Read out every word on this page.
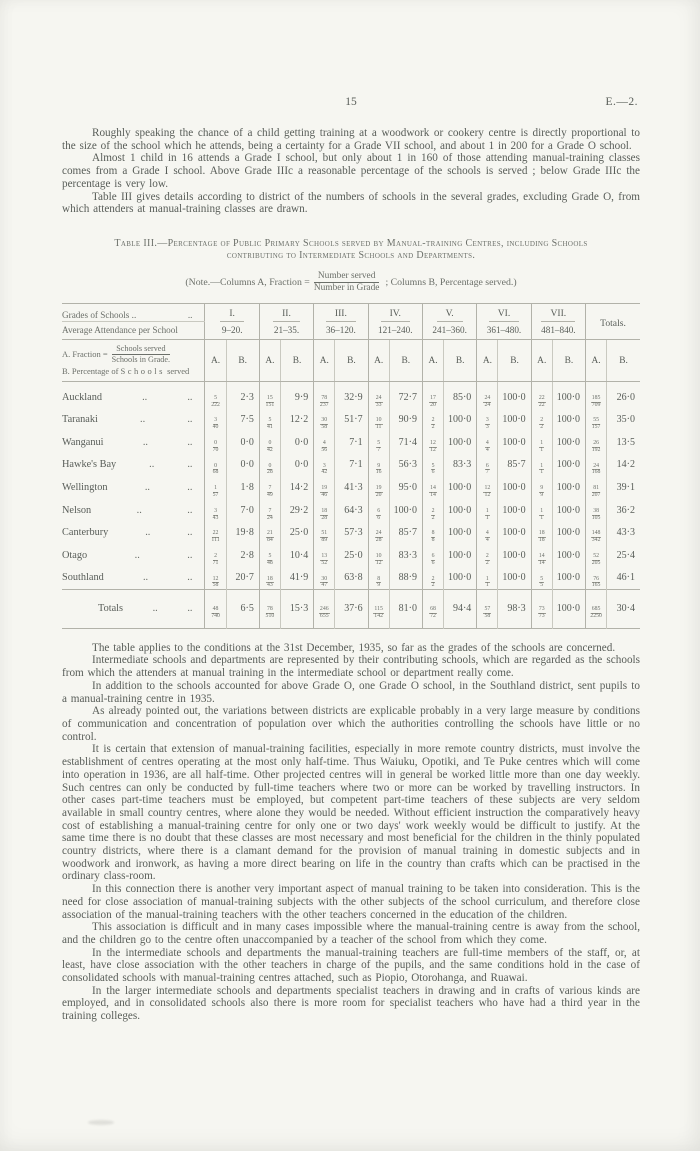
15	E.—2.

Roughly speaking the chance of a child getting training at a woodwork or cookery centre is directly proportional to the size of the school which he attends, being a certainty for a Grade VII school, and about 1 in 200 for a Grade O school.

Almost 1 child in 16 attends a Grade I school, but only about 1 in 160 of those attending manual-training classes comes from a Grade I school. Above Grade IIIc a reasonable percentage of the schools is served ; below Grade IIIc the percentage is very low.

Table III gives details according to district of the numbers of schools in the several grades, excluding Grade O, from which attenders at manual-training classes are drawn.

Table III.—Percentage of Public Primary Schools served by Manual-training Centres, including Schools
contributing to Intermediate Schools and Departments.
(Note.—Columns A, Fraction = $\frac{\text{Number served}}{\text{Number in Grade}}$ ; Columns B, Percentage served.)
Grades of Schools .. ..	I.		II.		III.		IV.		V.		VI.		VII.		Totals.	
Average Attendance per School	9–20.		21–35.		36–120.		121–240.		241–360.		361–480.		481–840.			

A. Fraction = Schools served
Schools in Grade.
B. Percentage of Schools served	A.	B.	A.	B.	A.	B.	A.	B.	A.	B.	A.	B.	A.	B.	A.	B.

Auckland .. ..	$\frac{5}{222}$	2·3	$\frac{15}{151}$	9·9	$\frac{78}{237}$	32·9	$\frac{24}{33}$	72·7	$\frac{17}{20}$	85·0	$\frac{24}{24}$	100·0	$\frac{22}{22}$	100·0	$\frac{185}{709}$	26·0

Taranaki .. ..	$\frac{3}{40}$	7·5	$\frac{5}{41}$	12·2	$\frac{30}{58}$	51·7	$\frac{10}{11}$	90·9	$\frac{2}{2}$	100·0	$\frac{3}{3}$	100·0	$\frac{2}{2}$	100·0	$\frac{55}{157}$	35·0

Wanganui .. ..	$\frac{0}{70}$	0·0	$\frac{0}{42}$	0·0	$\frac{4}{56}$	7·1	$\frac{5}{7}$	71·4	$\frac{12}{12}$	100·0	$\frac{4}{4}$	100·0	$\frac{1}{1}$	100·0	$\frac{26}{192}$	13·5

Hawke's Bay .. ..	$\frac{0}{68}$	0·0	$\frac{0}{28}$	0·0	$\frac{3}{42}$	7·1	$\frac{9}{16}$	56·3	$\frac{5}{6}$	83·3	$\frac{6}{7}$	85·7	$\frac{1}{1}$	100·0	$\frac{24}{168}$	14·2

Wellington .. ..	$\frac{1}{57}$	1·8	$\frac{7}{49}$	14·2	$\frac{19}{46}$	41·3	$\frac{19}{20}$	95·0	$\frac{14}{14}$	100·0	$\frac{12}{12}$	100·0	$\frac{9}{9}$	100·0	$\frac{81}{207}$	39·1

Nelson .. ..	$\frac{3}{43}$	7·0	$\frac{7}{24}$	29·2	$\frac{18}{28}$	64·3	$\frac{6}{6}$	100·0	$\frac{2}{2}$	100·0	$\frac{1}{1}$	100·0	$\frac{1}{1}$	100·0	$\frac{38}{105}$	36·2

Canterbury .. ..	$\frac{22}{111}$	19·8	$\frac{21}{84}$	25·0	$\frac{51}{89}$	57·3	$\frac{24}{28}$	85·7	$\frac{8}{8}$	100·0	$\frac{4}{4}$	100·0	$\frac{18}{18}$	100·0	$\frac{148}{342}$	43·3

Otago .. ..	$\frac{2}{71}$	2·8	$\frac{5}{48}$	10·4	$\frac{13}{52}$	25·0	$\frac{10}{12}$	83·3	$\frac{6}{6}$	100·0	$\frac{2}{2}$	100·0	$\frac{14}{14}$	100·0	$\frac{52}{205}$	25·4

Southland .. ..	$\frac{12}{58}$	20·7	$\frac{18}{43}$	41·9	$\frac{30}{47}$	63·8	$\frac{8}{9}$	88·9	$\frac{2}{2}$	100·0	$\frac{1}{1}$	100·0	$\frac{5}{5}$	100·0	$\frac{76}{165}$	46·1

Totals .. ..	$\frac{48}{740}$	6·5	$\frac{78}{510}$	15·3	$\frac{246}{655}$	37·6	$\frac{115}{142}$	81·0	$\frac{68}{72}$	94·4	$\frac{57}{58}$	98·3	$\frac{73}{73}$	100·0	$\frac{685}{2250}$	30·4

The table applies to the conditions at the 31st December, 1935, so far as the grades of the schools are concerned.

Intermediate schools and departments are represented by their contributing schools, which are regarded as the schools from which the attenders at manual training in the intermediate school or department really come.

In addition to the schools accounted for above Grade O, one Grade O school, in the Southland district, sent pupils to a manual-training centre in 1935.

As already pointed out, the variations between districts are explicable probably in a very large measure by conditions of communication and concentration of population over which the authorities controlling the schools have little or no control.

It is certain that extension of manual-training facilities, especially in more remote country districts, must involve the establishment of centres operating at the most only half-time. Thus Waiuku, Opotiki, and Te Puke centres which will come into operation in 1936, are all half-time. Other projected centres will in general be worked little more than one day weekly. Such centres can only be conducted by full-time teachers where two or more can be worked by travelling instructors. In other cases part-time teachers must be employed, but competent part-time teachers of these subjects are very seldom available in small country centres, where alone they would be needed. Without efficient instruction the comparatively heavy cost of establishing a manual-training centre for only one or two days' work weekly would be difficult to justify. At the same time there is no doubt that these classes are most necessary and most beneficial for the children in the thinly populated country districts, where there is a clamant demand for the provision of manual training in domestic subjects and in woodwork and ironwork, as having a more direct bearing on life in the country than crafts which can be practised in the ordinary class-room.

In this connection there is another very important aspect of manual training to be taken into consideration. This is the need for close association of manual-training subjects with the other subjects of the school curriculum, and therefore close association of the manual-training teachers with the other teachers concerned in the education of the children.

This association is difficult and in many cases impossible where the manual-training centre is away from the school, and the children go to the centre often unaccompanied by a teacher of the school from which they come.

In the intermediate schools and departments the manual-training teachers are full-time members of the staff, or, at least, have close association with the other teachers in charge of the pupils, and the same conditions hold in the case of consolidated schools with manual-training centres attached, such as Piopio, Otorohanga, and Ruawai.

In the larger intermediate schools and departments specialist teachers in drawing and in crafts of various kinds are employed, and in consolidated schools also there is more room for specialist teachers who have had a third year in the training colleges.
